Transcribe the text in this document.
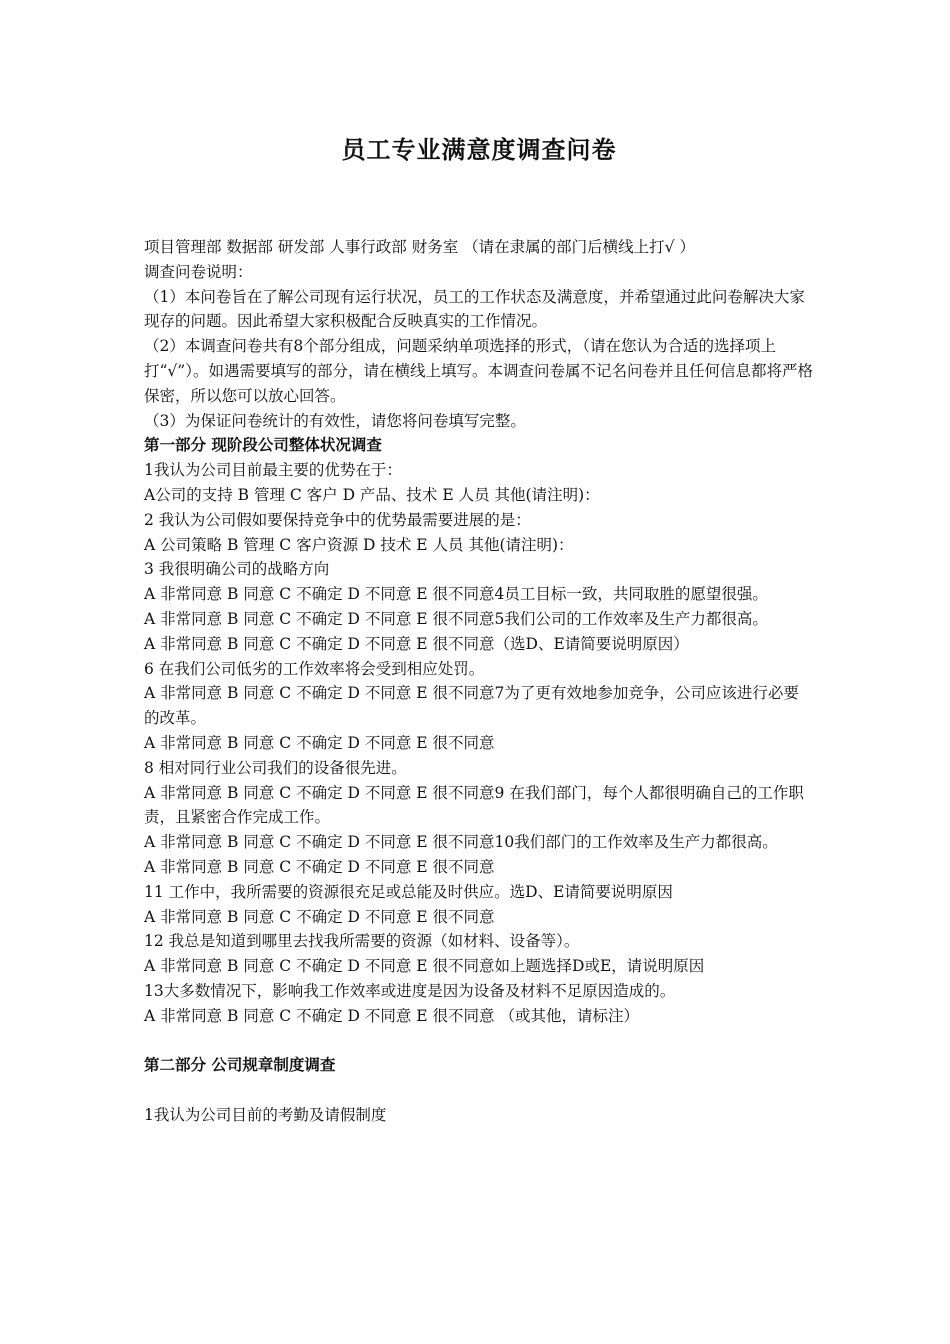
员工专业满意度调查问卷

项目管理部 数据部 研发部 人事行政部 财务室 （请在隶属的部门后横线上打√ ）

调查问卷说明：

（1）本问卷旨在了解公司现有运行状况，员工的工作状态及满意度，并希望通过此问卷解决大家现存的问题。因此希望大家积极配合反映真实的工作情况。

（2）本调查问卷共有8个部分组成，问题采纳单项选择的形式，（请在您认为合适的选择项上打“√”）。如遇需要填写的部分，请在横线上填写。本调查问卷属不记名问卷并且任何信息都将严格保密，所以您可以放心回答。

（3）为保证问卷统计的有效性，请您将问卷填写完整。

第一部分 现阶段公司整体状况调查

1我认为公司目前最主要的优势在于：

A公司的支持 B 管理 C 客户 D 产品、技术 E 人员 其他(请注明)：

2 我认为公司假如要保持竞争中的优势最需要进展的是：

A 公司策略 B 管理 C 客户资源 D 技术 E 人员 其他(请注明)：

3 我很明确公司的战略方向

A 非常同意 B 同意 C 不确定 D 不同意 E 很不同意4员工目标一致，共同取胜的愿望很强。

A 非常同意 B 同意 C 不确定 D 不同意 E 很不同意5我们公司的工作效率及生产力都很高。

A 非常同意 B 同意 C 不确定 D 不同意 E 很不同意（选D、E请简要说明原因）

6 在我们公司低劣的工作效率将会受到相应处罚。

A 非常同意 B 同意 C 不确定 D 不同意 E 很不同意7为了更有效地参加竞争，公司应该进行必要的改革。

A 非常同意 B 同意 C 不确定 D 不同意 E 很不同意

8 相对同行业公司我们的设备很先进。

A 非常同意 B 同意 C 不确定 D 不同意 E 很不同意9 在我们部门，每个人都很明确自己的工作职责，且紧密合作完成工作。

A 非常同意 B 同意 C 不确定 D 不同意 E 很不同意10我们部门的工作效率及生产力都很高。

A 非常同意 B 同意 C 不确定 D 不同意 E 很不同意

11 工作中，我所需要的资源很充足或总能及时供应。选D、E请简要说明原因

A 非常同意 B 同意 C 不确定 D 不同意 E 很不同意

12 我总是知道到哪里去找我所需要的资源（如材料、设备等）。

A 非常同意 B 同意 C 不确定 D 不同意 E 很不同意如上题选择D或E，请说明原因

13大多数情况下，影响我工作效率或进度是因为设备及材料不足原因造成的。

A 非常同意 B 同意 C 不确定 D 不同意 E 很不同意 （或其他，请标注）

第二部分 公司规章制度调查

1我认为公司目前的考勤及请假制度
